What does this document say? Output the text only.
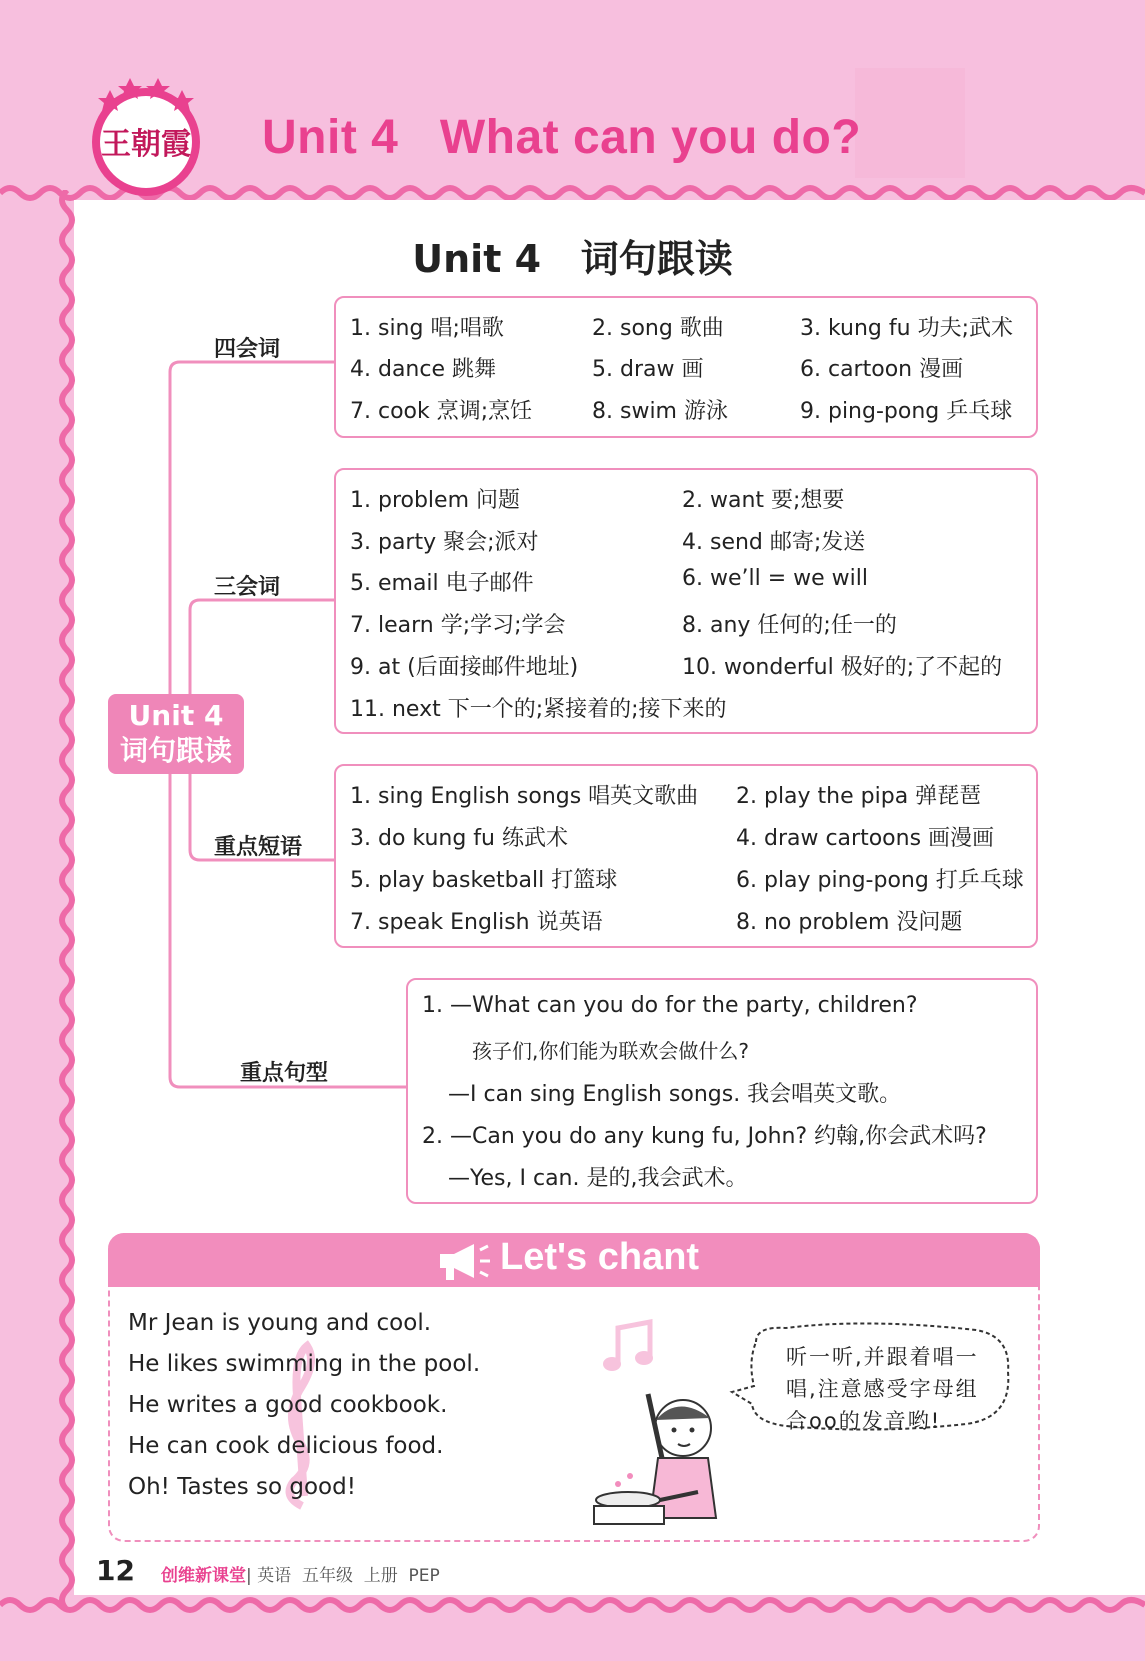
王朝霞 Unit 4   What can you do?
Unit 4   词句跟读
Unit 4
词句跟读
四会词
三会词
重点短语
重点句型
1. sing 唱;唱歌	2. song 歌曲	3. kung fu 功夫;武术
4. dance 跳舞	5. draw 画	6. cartoon 漫画
7. cook 烹调;烹饪	8. swim 游泳	9. ping-pong 乒乓球
1. problem 问题	2. want 要;想要
3. party 聚会;派对	4. send 邮寄;发送
5. email 电子邮件	6. we’ll = we will
7. learn 学;学习;学会	8. any 任何的;任一的
9. at (后面接邮件地址)	10. wonderful 极好的;了不起的
11. next 下一个的;紧接着的;接下来的
1. sing English songs 唱英文歌曲 2. play the pipa 弹琵琶
3. do kung fu 练武术	4. draw cartoons 画漫画
5. play basketball 打篮球	6. play ping-pong 打乒乓球
7. speak English 说英语	8. no problem 没问题
1. —What can you do for the party, children?
孩子们,你们能为联欢会做什么?
—I can sing English songs. 我会唱英文歌。
2. —Can you do any kung fu, John? 约翰,你会武术吗?
—Yes, I can. 是的,我会武术。
Let's chant
Mr Jean is young and cool.
He likes swimming in the pool.
He writes a good cookbook.
He can cook delicious food.
Oh! Tastes so good!
听一听,并跟着唱一
唱,注意感受字母组
合oo的发音哟!
12 创维新课堂| 英语  五年级  上册  PEP
